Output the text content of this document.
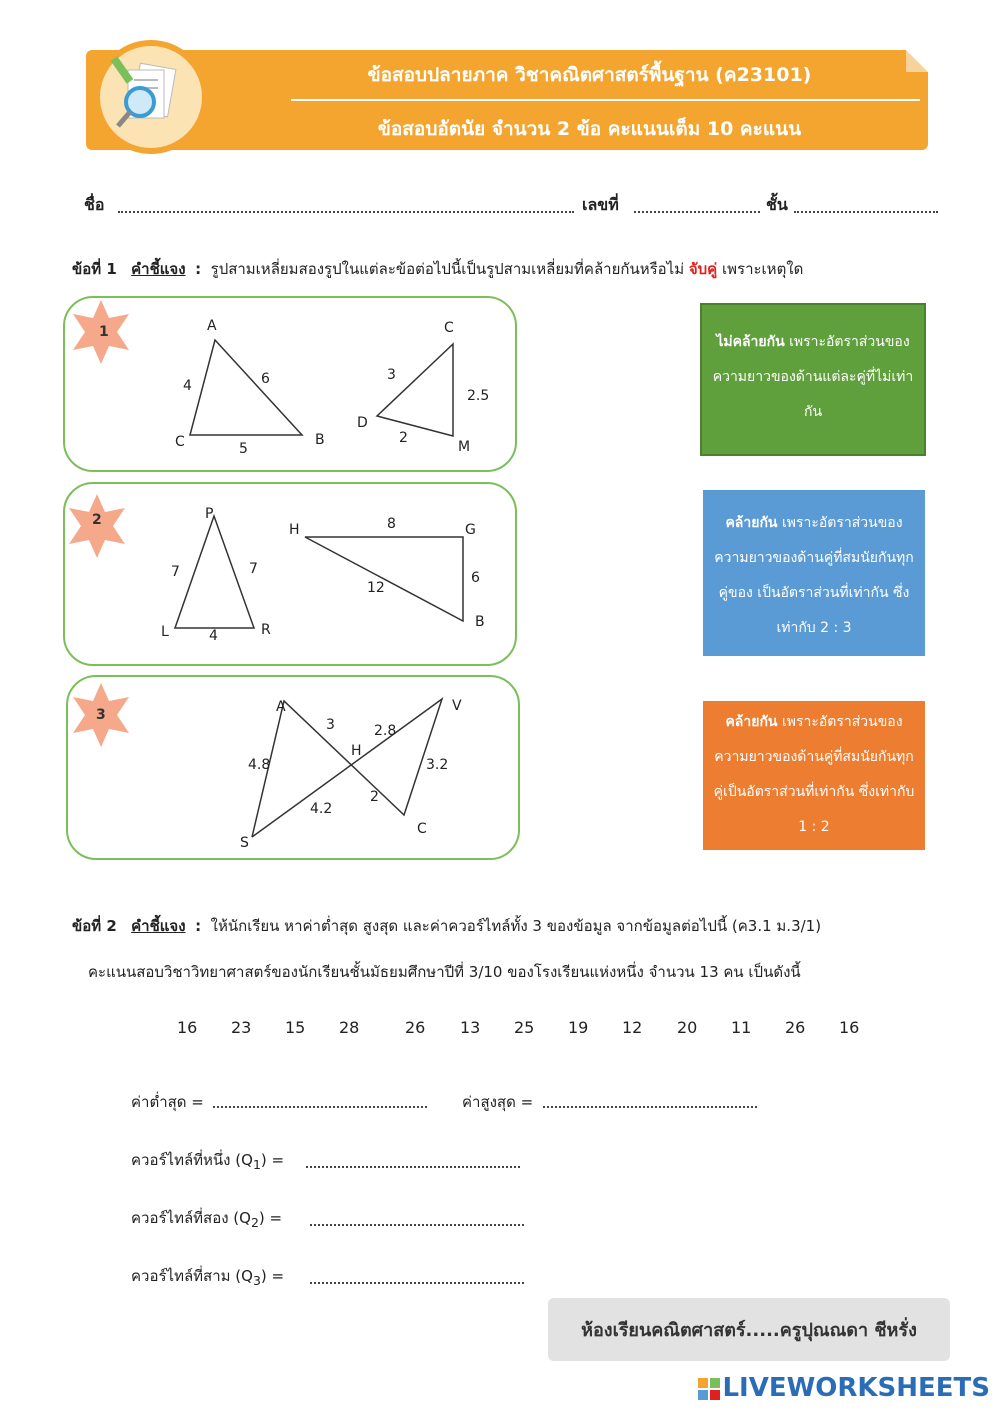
ข้อสอบปลายภาค วิชาคณิตศาสตร์พื้นฐาน (ค23101)
ข้อสอบอัตนัย จำนวน 2 ข้อ คะแนนเต็ม 10 คะแนน
ชื่อ	เลขที่	ชั้น
ข้อที่ 1 คำชี้แจง : รูปสามเหลี่ยมสองรูปในแต่ละข้อต่อไปนี้เป็นรูปสามเหลี่ยมที่คล้ายกันหรือไม่ จับคู่ เพราะเหตุใด
1	A
C	B
4	6
5
C
D
M
3
2.5
2
2	P
L	R
7	7
4
H	G
B
8
6
12
3	A	V
H
S
C
3	2.8
4.8	3.2
4.2
2
ไม่คล้ายกัน เพราะอัตราส่วนของความยาวของด้านแต่ละคู่ที่ไม่เท่ากัน
คล้ายกัน เพราะอัตราส่วนของความยาวของด้านคู่ที่สมนัยกันทุกคู่ของ เป็นอัตราส่วนที่เท่ากัน ซึ่งเท่ากับ 2 : 3
คล้ายกัน เพราะอัตราส่วนของความยาวของด้านคู่ที่สมนัยกันทุกคู่เป็นอัตราส่วนที่เท่ากัน ซึ่งเท่ากับ 1 : 2
ข้อที่ 2 คำชี้แจง : ให้นักเรียน หาค่าต่ำสุด สูงสุด และค่าควอร์ไทล์ทั้ง 3 ของข้อมูล จากข้อมูลต่อไปนี้ (ค3.1 ม.3/1)
คะแนนสอบวิชาวิทยาศาสตร์ของนักเรียนชั้นมัธยมศึกษาปีที่ 3/10 ของโรงเรียนแห่งหนึ่ง จำนวน 13 คน เป็นดังนี้
16 23 15 28	26 13 25 19 12 20 11 26 16
ค่าต่ำสุด =	ค่าสูงสุด =
ควอร์ไทล์ที่หนึ่ง $(Q_1)$ =
ควอร์ไทล์ที่สอง $(Q_2)$ =
ควอร์ไทล์ที่สาม $(Q_3)$ =
ห้องเรียนคณิตศาสตร์.....ครูปุณณดา ชีหรั่ง
LIVEWORKSHEETS
